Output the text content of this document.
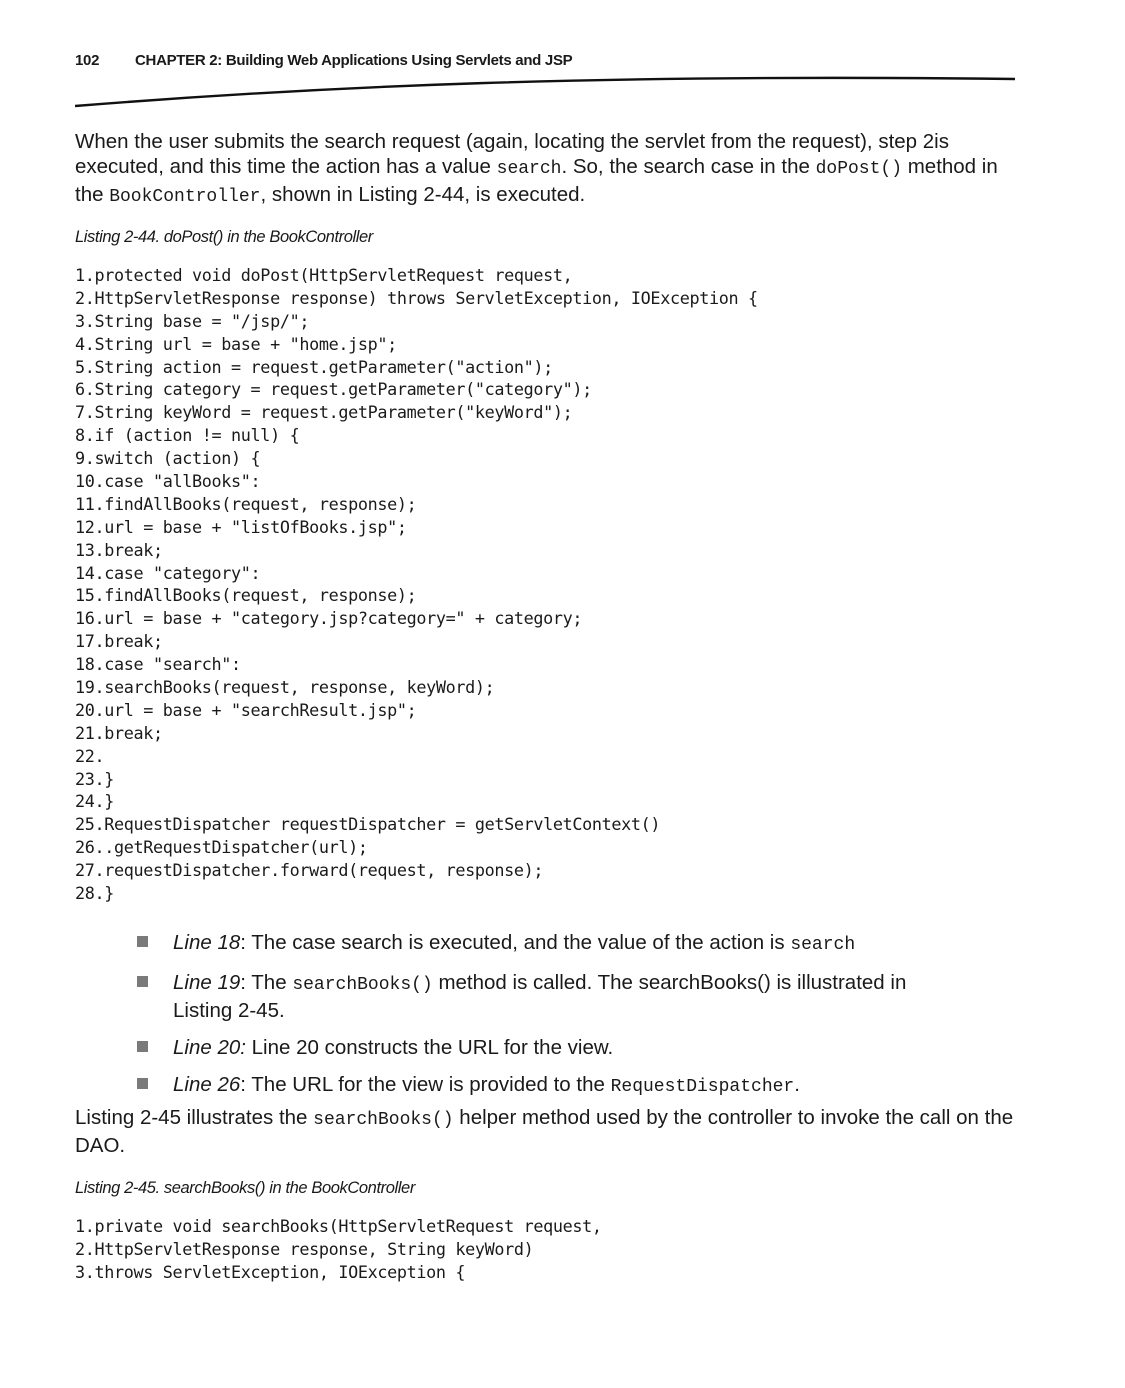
102 CHAPTER 2: Building Web Applications Using Servlets and JSP

When the user submits the search request (again, locating the servlet from the request), step 2is executed, and this time the action has a value search. So, the search case in the doPost() method in the BookController, shown in Listing 2-44, is executed.

Listing 2-44. doPost() in the BookController
1.protected void doPost(HttpServletRequest request,
2.HttpServletResponse response) throws ServletException, IOException {
3.String base = "/jsp/";
4.String url = base + "home.jsp";
5.String action = request.getParameter("action");
6.String category = request.getParameter("category");
7.String keyWord = request.getParameter("keyWord");
8.if (action != null) {
9.switch (action) {
10.case "allBooks":
11.findAllBooks(request, response);
12.url = base + "listOfBooks.jsp";
13.break;
14.case "category":
15.findAllBooks(request, response);
16.url = base + "category.jsp?category=" + category;
17.break;
18.case "search":
19.searchBooks(request, response, keyWord);
20.url = base + "searchResult.jsp";
21.break;
22.
23.}
24.}
25.RequestDispatcher requestDispatcher = getServletContext()
26..getRequestDispatcher(url);
27.requestDispatcher.forward(request, response);
28.}
Line 18: The case search is executed, and the value of the action is search
Line 19: The searchBooks() method is called. The searchBooks() is illustrated in Listing 2-45.
Line 20: Line 20 constructs the URL for the view.
Line 26: The URL for the view is provided to the RequestDispatcher.

Listing 2-45 illustrates the searchBooks() helper method used by the controller to invoke the call on the DAO.

Listing 2-45. searchBooks() in the BookController
1.private void searchBooks(HttpServletRequest request,
2.HttpServletResponse response, String keyWord)
3.throws ServletException, IOException {
